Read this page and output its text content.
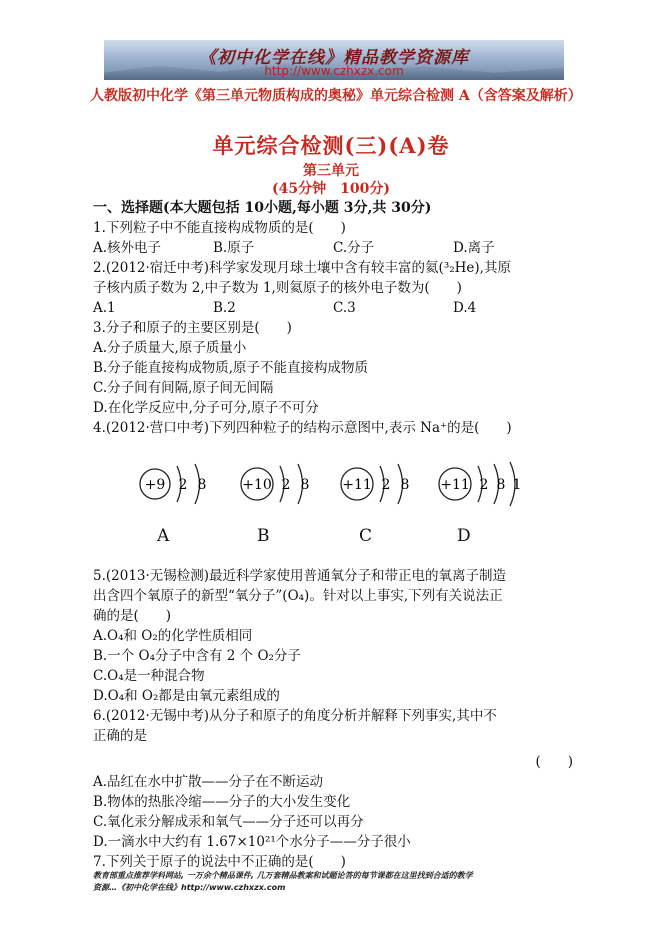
《初中化学在线》精品教学资源库
http://www.czhxzx.com
人教版初中化学《第三单元物质构成的奥秘》单元综合检测 A（含答案及解析）
单元综合检测(三)(A)卷
第三单元
(45分钟　100分)
一、选择题(本大题包括 10小题,每小题 3分,共 30分)
1.下列粒子中不能直接构成物质的是(　　)
A.核外电子	B.原子	C.分子	D.离子
2.(2012·宿迁中考)科学家发现月球土壤中含有较丰富的氦(³₂He),其原
子核内质子数为 2,中子数为 1,则氦原子的核外电子数为(　　)
A.1	B.2	C.3	D.4
3.分子和原子的主要区别是(　　)
A.分子质量大,原子质量小
B.分子能直接构成物质,原子不能直接构成物质
C.分子间有间隔,原子间无间隔
D.在化学反应中,分子可分,原子不可分
4.(2012·营口中考)下列四种粒子的结构示意图中,表示 Na⁺的是(　　)
+9 2 8
A
+10 2 8
B
+11 2 8
C
+11 2 8 1
D
5.(2013·无锡检测)最近科学家使用普通氧分子和带正电的氧离子制造
出含四个氧原子的新型“氧分子”(O₄)。针对以上事实,下列有关说法正
确的是(　　)
A.O₄和 O₂的化学性质相同
B.一个 O₄分子中含有 2 个 O₂分子
C.O₄是一种混合物
D.O₄和 O₂都是由氧元素组成的
6.(2012·无锡中考)从分子和原子的角度分析并解释下列事实,其中不
正确的是
(　　)
A.品红在水中扩散——分子在不断运动
B.物体的热胀冷缩——分子的大小发生变化
C.氧化汞分解成汞和氧气——分子还可以再分
D.一滴水中大约有 1.67×10²¹个水分子——分子很小
7.下列关于原子的说法中不正确的是(　　)
教育部重点推荐学科网站, 一万余个精品课件, 几万套精品教案和试题论答的每节课都在这里找到合适的教学
资源…《初中化学在线》http://www.czhxzx.com
